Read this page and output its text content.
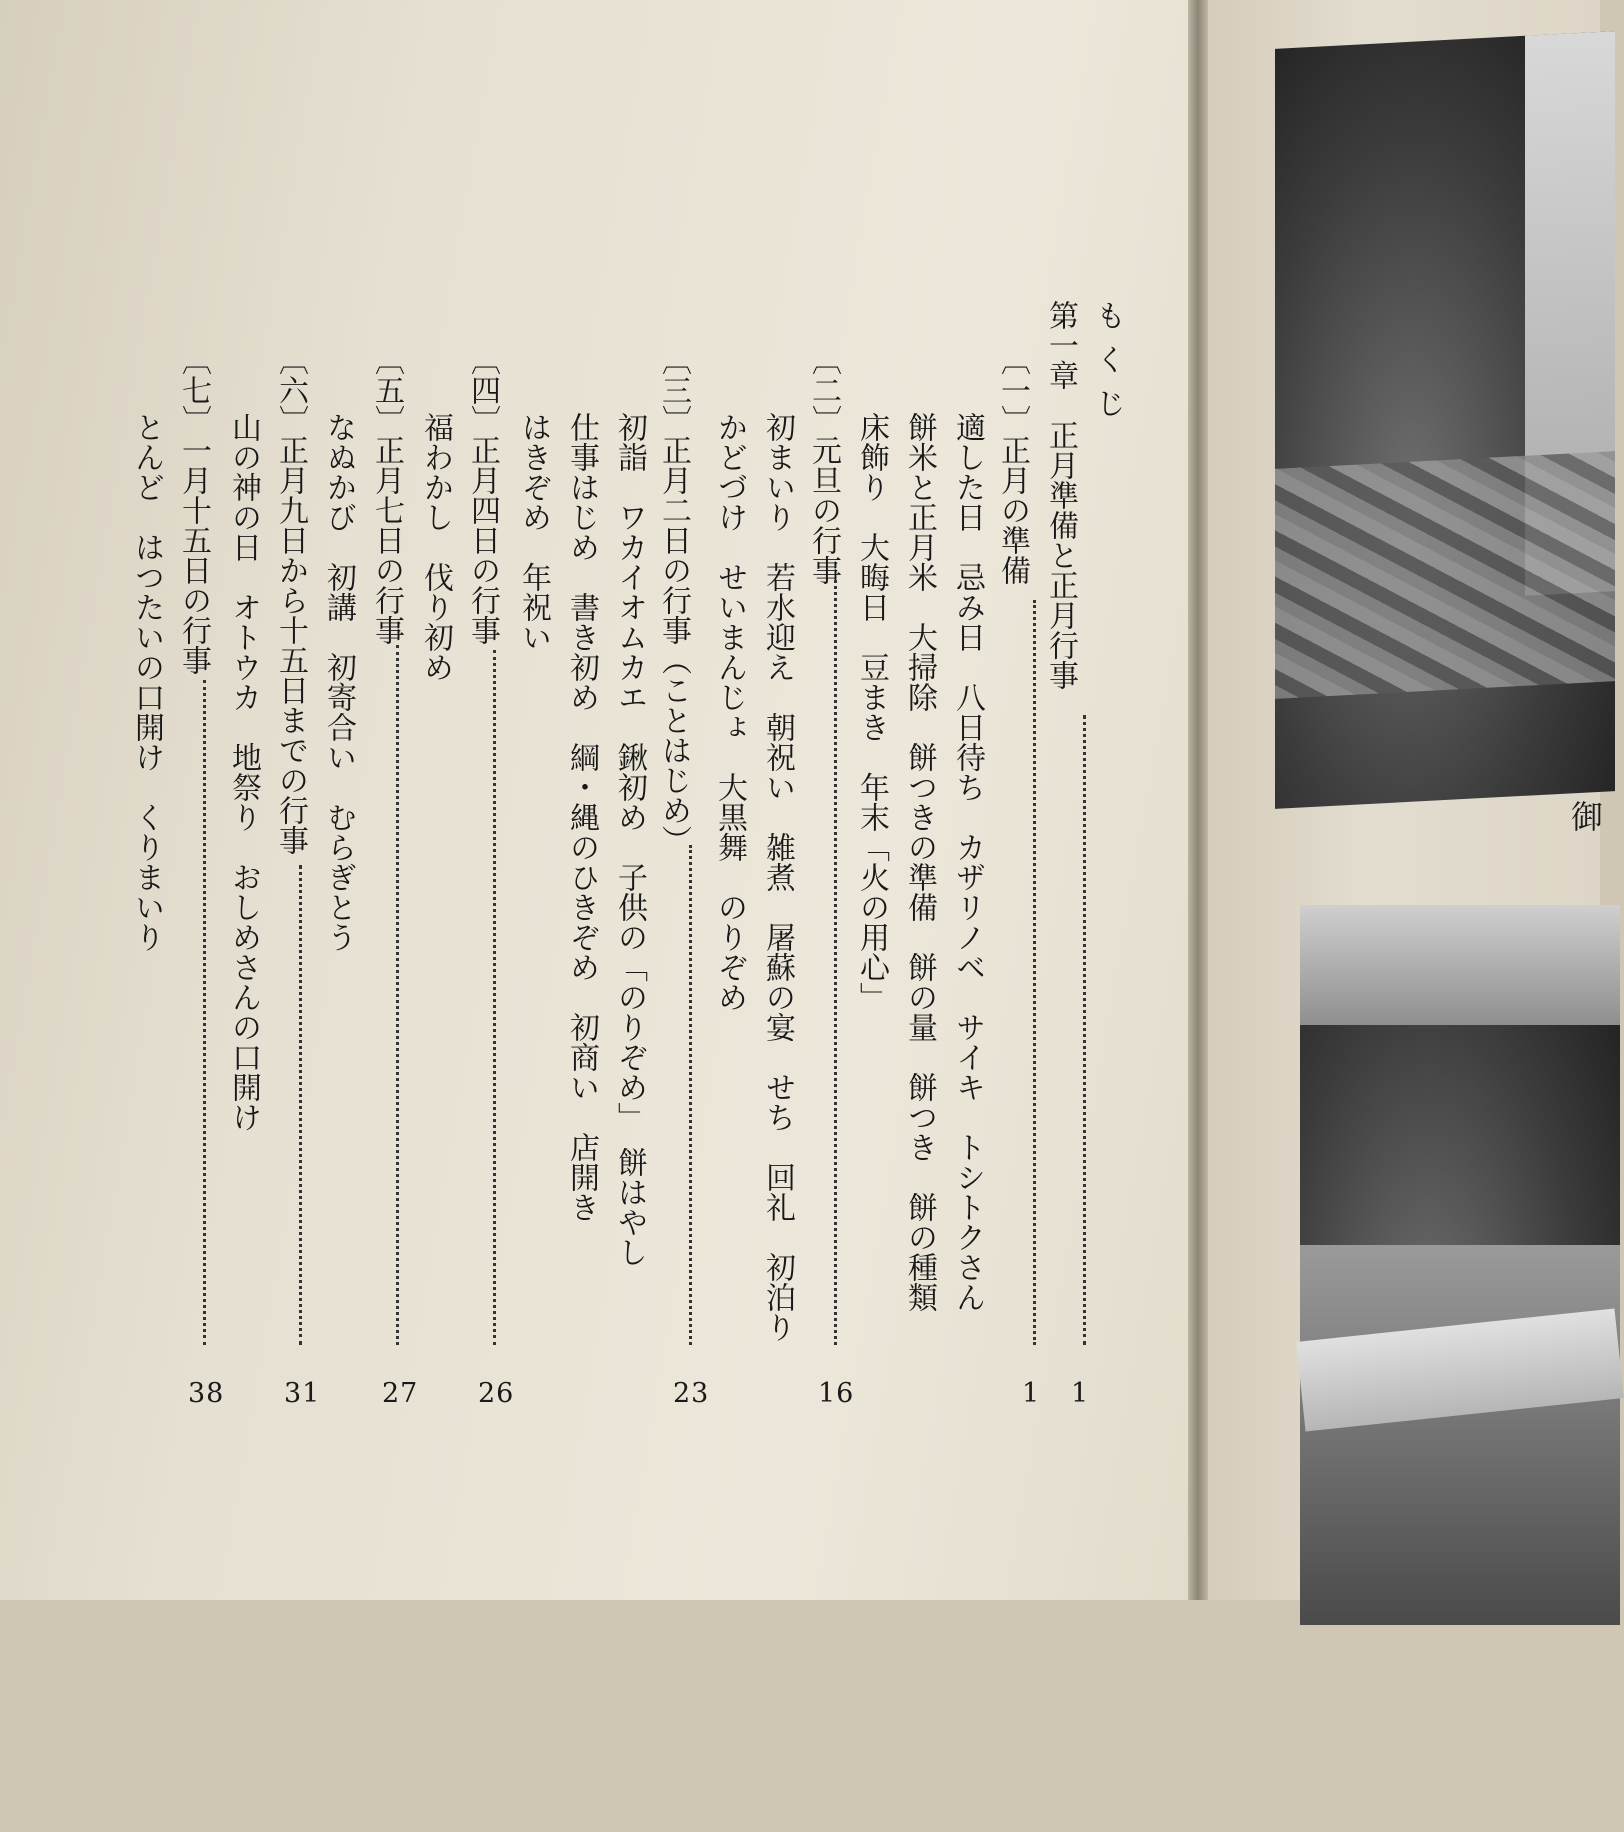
御
もくじ
第一章　正月準備と正月行事
1
〔一〕正月の準備
1
適した日　忌み日　八日待ち　カザリノベ　サイキ　トシトクさん
餅米と正月米　大掃除　餅つきの準備　餅の量　餅つき　餅の種類
床飾り　大晦日　豆まき　年末「火の用心」
〔二〕元旦の行事
16
初まいり　若水迎え　朝祝い　雑煮　屠蘇の宴　せち　回礼　初泊り
かどづけ　せいまんじょ　大黒舞　のりぞめ
〔三〕正月二日の行事（ことはじめ）
23
初詣　ワカイオムカエ　鍬初め　子供の「のりぞめ」　餅はやし
仕事はじめ　書き初め　綱・縄のひきぞめ　初商い　店開き
はきぞめ　年祝い
〔四〕正月四日の行事
26
福わかし　伐り初め
〔五〕正月七日の行事
27
なぬかび　初講　初寄合い　むらぎとう
〔六〕正月九日から十五日までの行事
31
山の神の日　オトウカ　地祭り　おしめさんの口開け
〔七〕一月十五日の行事
38
とんど　はつたいの口開け　くりまいり
